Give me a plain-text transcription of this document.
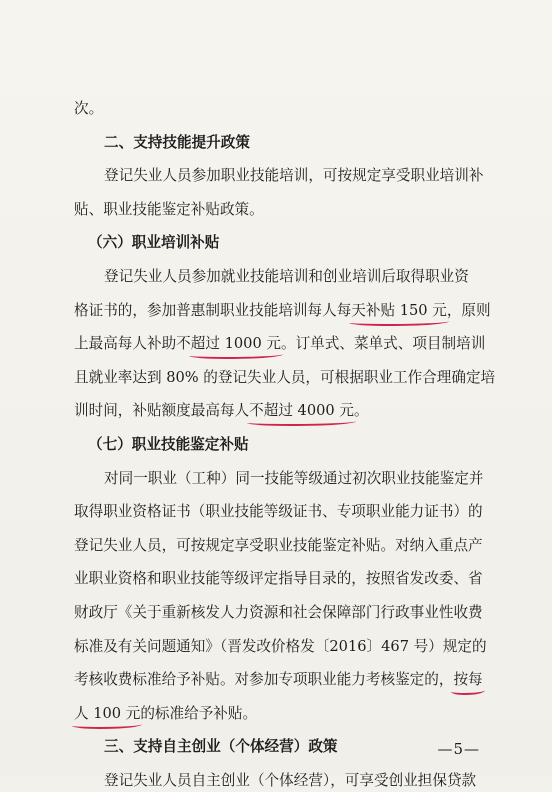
次。
二、支持技能提升政策
登记失业人员参加职业技能培训，可按规定享受职业培训补
贴、职业技能鉴定补贴政策。
（六）职业培训补贴
登记失业人员参加就业技能培训和创业培训后取得职业资
格证书的，参加普惠制职业技能培训每人每天补贴 150 元，原则
上最高每人补助不超过 1000 元。订单式、菜单式、项目制培训
且就业率达到 80% 的登记失业人员，可根据职业工作合理确定培
训时间，补贴额度最高每人不超过 4000 元。
（七）职业技能鉴定补贴
对同一职业（工种）同一技能等级通过初次职业技能鉴定并
取得职业资格证书（职业技能等级证书、专项职业能力证书）的
登记失业人员，可按规定享受职业技能鉴定补贴。对纳入重点产
业职业资格和职业技能等级评定指导目录的，按照省发改委、省
财政厅《关于重新核发人力资源和社会保障部门行政事业性收费
标准及有关问题通知》（晋发改价格发〔2016〕467 号）规定的
考核收费标准给予补贴。对参加专项职业能力考核鉴定的，按每
人 100 元的标准给予补贴。
三、支持自主创业（个体经营）政策
登记失业人员自主创业（个体经营），可享受创业担保贷款
—5—
